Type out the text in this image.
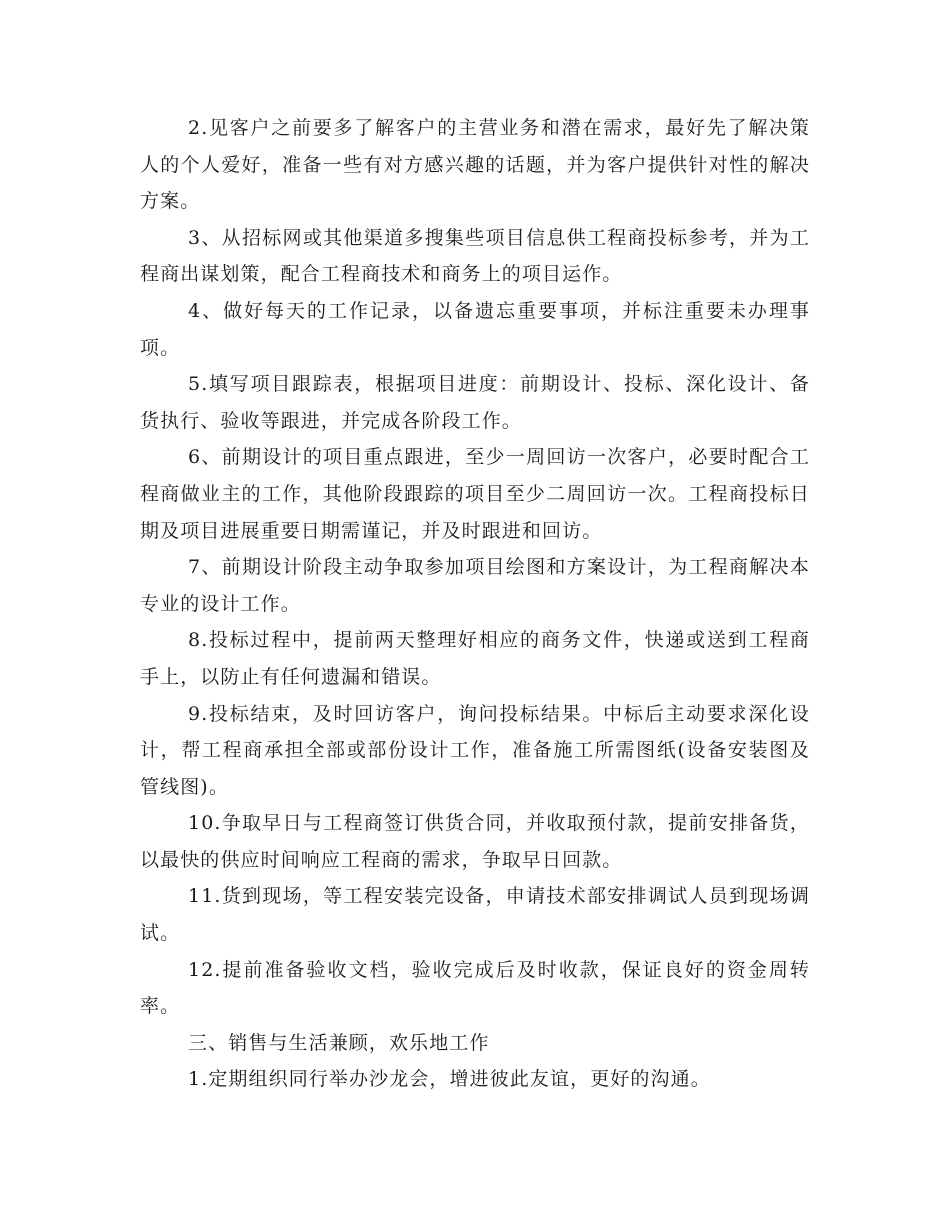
2.见客户之前要多了解客户的主营业务和潜在需求，最好先了解决策人的个人爱好，准备一些有对方感兴趣的话题，并为客户提供针对性的解决方案。

3、从招标网或其他渠道多搜集些项目信息供工程商投标参考，并为工程商出谋划策，配合工程商技术和商务上的项目运作。

4、做好每天的工作记录，以备遗忘重要事项，并标注重要未办理事项。

5.填写项目跟踪表，根据项目进度：前期设计、投标、深化设计、备货执行、验收等跟进，并完成各阶段工作。

6、前期设计的项目重点跟进，至少一周回访一次客户，必要时配合工程商做业主的工作，其他阶段跟踪的项目至少二周回访一次。工程商投标日期及项目进展重要日期需谨记，并及时跟进和回访。

7、前期设计阶段主动争取参加项目绘图和方案设计，为工程商解决本专业的设计工作。

8.投标过程中，提前两天整理好相应的商务文件，快递或送到工程商手上，以防止有任何遗漏和错误。

9.投标结束，及时回访客户，询问投标结果。中标后主动要求深化设计，帮工程商承担全部或部份设计工作，准备施工所需图纸(设备安装图及管线图)。

10.争取早日与工程商签订供货合同，并收取预付款，提前安排备货，以最快的供应时间响应工程商的需求，争取早日回款。

11.货到现场，等工程安装完设备，申请技术部安排调试人员到现场调试。

12.提前准备验收文档，验收完成后及时收款，保证良好的资金周转率。

三、销售与生活兼顾，欢乐地工作

1.定期组织同行举办沙龙会，增进彼此友谊，更好的沟通。
